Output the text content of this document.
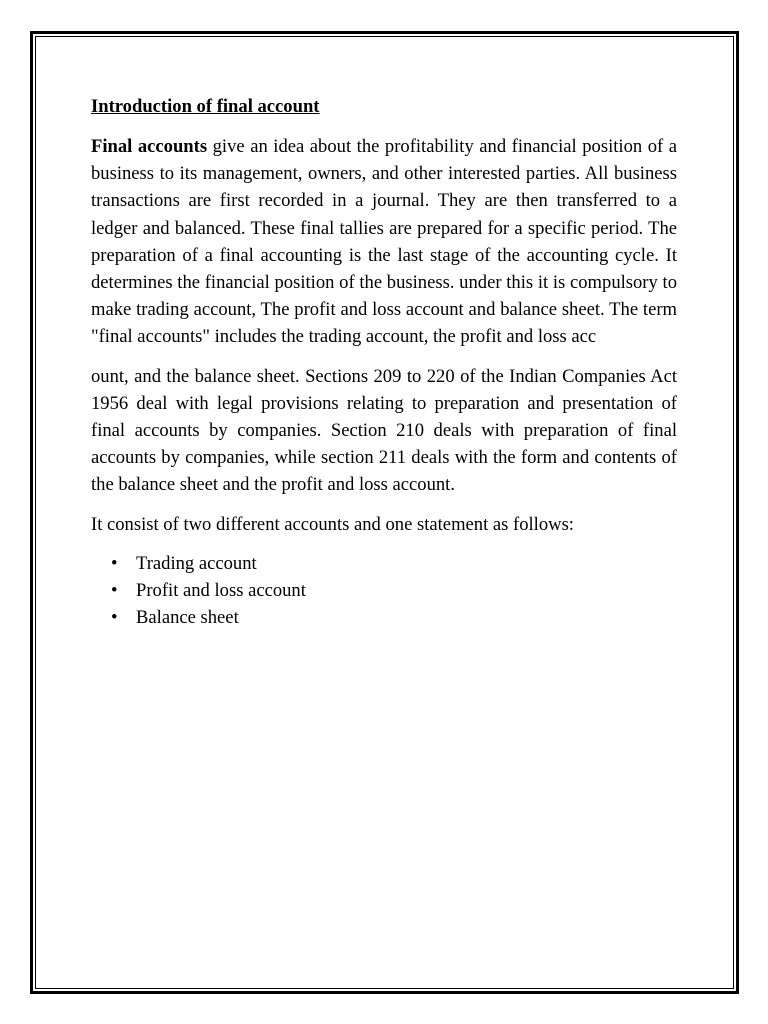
Introduction of final account

Final accounts give an idea about the profitability and financial position of a business to its management, owners, and other interested parties. All business transactions are first recorded in a journal. They are then transferred to a ledger and balanced. These final tallies are prepared for a specific period. The preparation of a final accounting is the last stage of the accounting cycle. It determines the financial position of the business. under this it is compulsory to make trading account, The profit and loss account and balance sheet. The term "final accounts" includes the trading account, the profit and loss acc

ount, and the balance sheet. Sections 209 to 220 of the Indian Companies Act 1956 deal with legal provisions relating to preparation and presentation of final accounts by companies. Section 210 deals with preparation of final accounts by companies, while section 211 deals with the form and contents of the balance sheet and the profit and loss account.

It consist of two different accounts and one statement as follows:

• Trading account
• Profit and loss account
• Balance sheet
